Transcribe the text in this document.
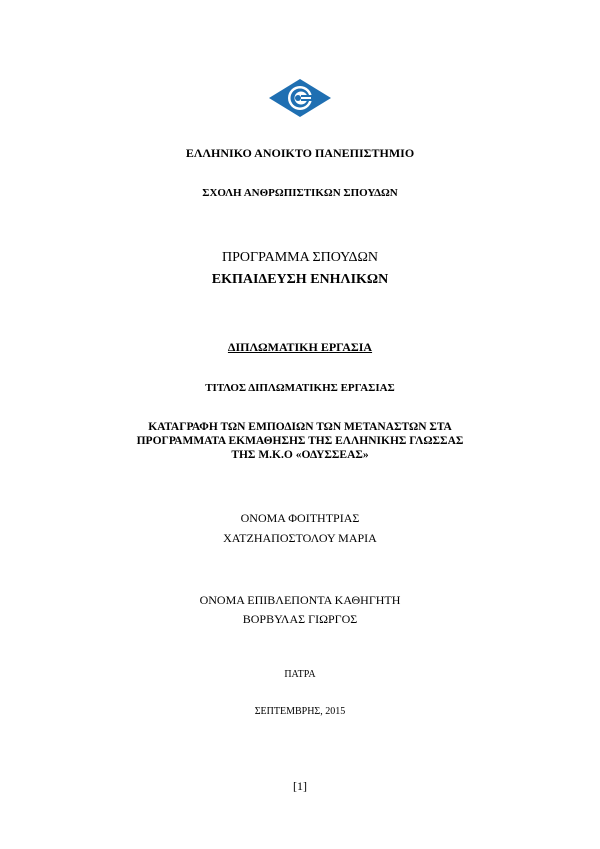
ΕΛΛΗΝΙΚΟ ΑΝΟΙΚΤΟ ΠΑΝΕΠΙΣΤΗΜΙΟ
ΣΧΟΛΗ ΑΝΘΡΩΠΙΣΤΙΚΩΝ ΣΠΟΥΔΩΝ
ΠΡΟΓΡΑΜΜΑ ΣΠΟΥΔΩΝ
ΕΚΠΑΙΔΕΥΣΗ ΕΝΗΛΙΚΩΝ
ΔΙΠΛΩΜΑΤΙΚΗ ΕΡΓΑΣΙΑ
ΤΙΤΛΟΣ ΔΙΠΛΩΜΑΤΙΚΗΣ ΕΡΓΑΣΙΑΣ
ΚΑΤΑΓΡΑΦΗ ΤΩΝ ΕΜΠΟΔΙΩΝ ΤΩΝ ΜΕΤΑΝΑΣΤΩΝ ΣΤΑ
ΠΡΟΓΡΑΜΜΑΤΑ ΕΚΜΑΘΗΣΗΣ ΤΗΣ ΕΛΛΗΝΙΚΗΣ ΓΛΩΣΣΑΣ
ΤΗΣ Μ.Κ.Ο «ΟΔΥΣΣΕΑΣ»
ΟΝΟΜΑ ΦΟΙΤΗΤΡΙΑΣ
ΧΑΤΖΗΑΠΟΣΤΟΛΟΥ ΜΑΡΙΑ
ΟΝΟΜΑ ΕΠΙΒΛΕΠΟΝΤΑ ΚΑΘΗΓΗΤΗ
ΒΟΡΒΥΛΑΣ ΓΙΩΡΓΟΣ
ΠΑΤΡΑ
ΣΕΠΤΕΜΒΡΗΣ, 2015
[1]
